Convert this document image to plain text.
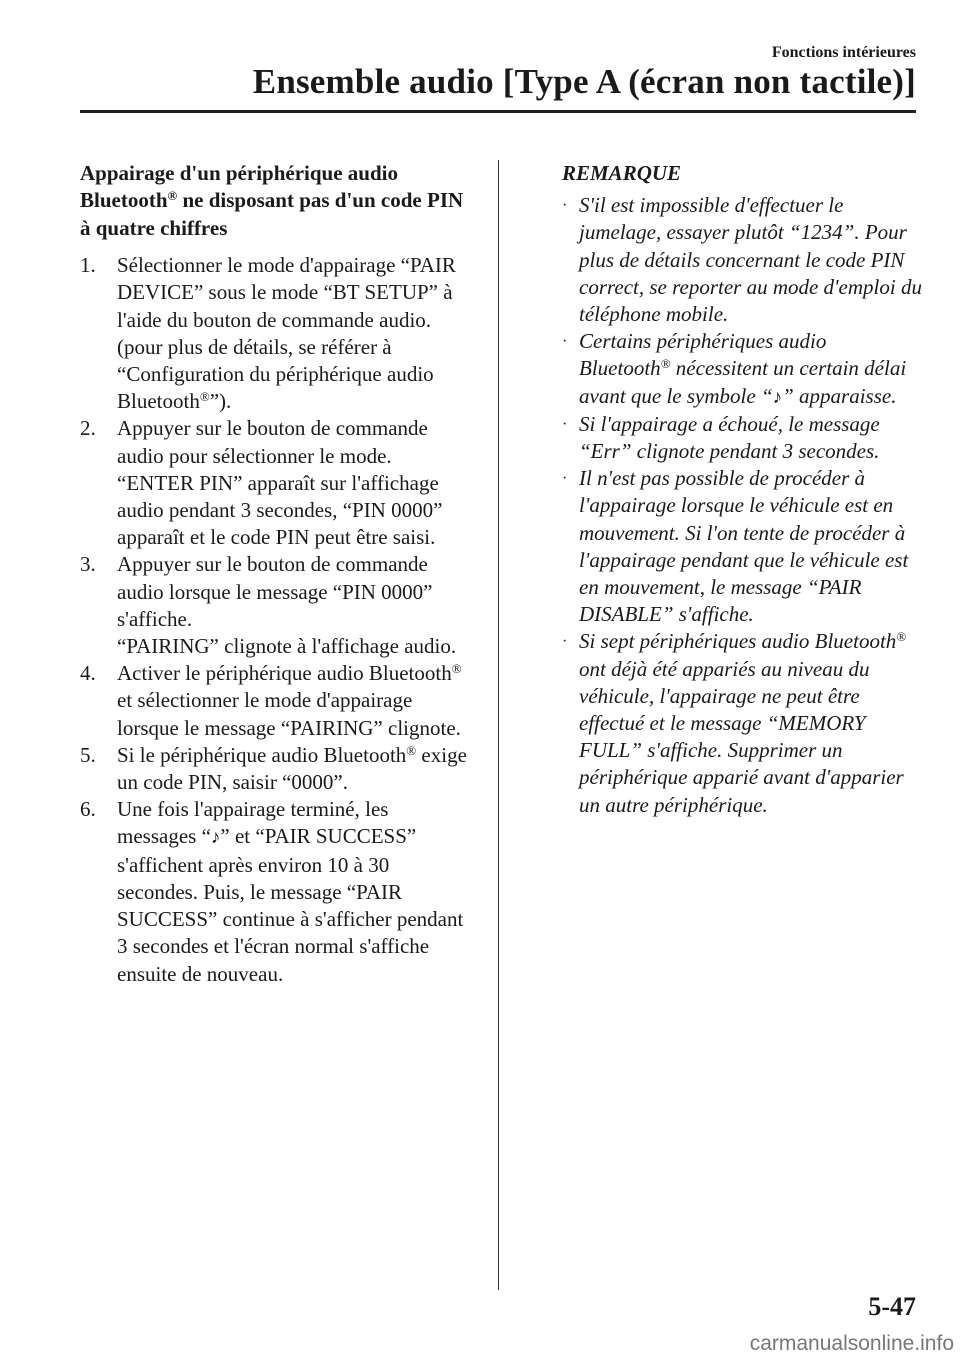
Fonctions intérieures
Ensemble audio [Type A (écran non tactile)]
Appairage d'un périphérique audio Bluetooth® ne disposant pas d'un code PIN à quatre chiffres
1.	Sélectionner le mode d'appairage “PAIR DEVICE” sous le mode “BT SETUP” à l'aide du bouton de commande audio. (pour plus de détails, se référer à “Configuration du périphérique audio Bluetooth®”).
2.	Appuyer sur le bouton de commande audio pour sélectionner le mode. “ENTER PIN” apparaît sur l'affichage audio pendant 3 secondes, “PIN 0000” apparaît et le code PIN peut être saisi.
3.	Appuyer sur le bouton de commande audio lorsque le message “PIN 0000” s'affiche.
“PAIRING” clignote à l'affichage audio.
4.	Activer le périphérique audio Bluetooth® et sélectionner le mode d'appairage lorsque le message “PAIRING” clignote.
5.	Si le périphérique audio Bluetooth® exige un code PIN, saisir “0000”.
6.	Une fois l'appairage terminé, les messages “♪” et “PAIR SUCCESS” s'affichent après environ 10 à 30 secondes. Puis, le message “PAIR SUCCESS” continue à s'afficher pendant 3 secondes et l'écran normal s'affiche ensuite de nouveau.
REMARQUE
· S'il est impossible d'effectuer le jumelage, essayer plutôt “1234”. Pour plus de détails concernant le code PIN correct, se reporter au mode d'emploi du téléphone mobile.
· Certains périphériques audio Bluetooth® nécessitent un certain délai avant que le symbole “♪” apparaisse.
· Si l'appairage a échoué, le message “Err” clignote pendant 3 secondes.
· Il n'est pas possible de procéder à l'appairage lorsque le véhicule est en mouvement. Si l'on tente de procéder à l'appairage pendant que le véhicule est en mouvement, le message “PAIR DISABLE” s'affiche.
· Si sept périphériques audio Bluetooth® ont déjà été appariés au niveau du véhicule, l'appairage ne peut être effectué et le message “MEMORY FULL” s'affiche. Supprimer un périphérique apparié avant d'apparier un autre périphérique.
5-47
carmanualsonline.info
